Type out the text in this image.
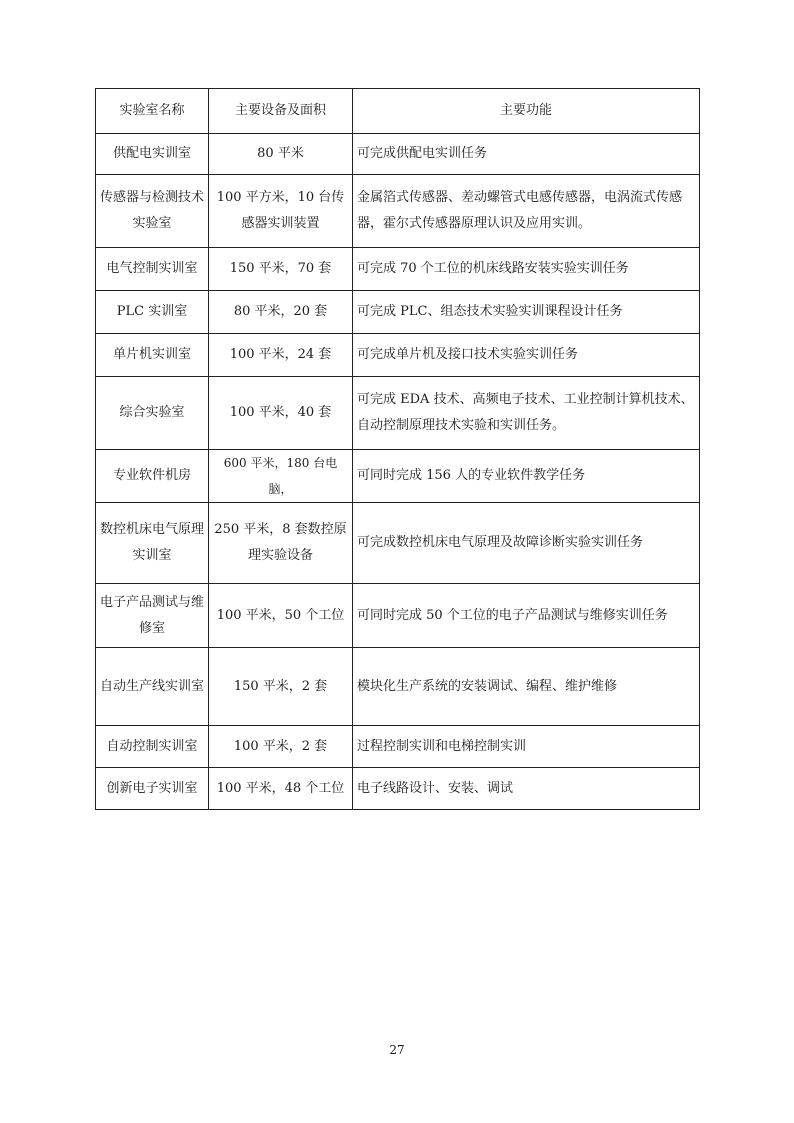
实验室名称	主要设备及面积	主要功能
供配电实训室	80 平米	可完成供配电实训任务
传感器与检测技术实验室	100 平方米，10 台传感器实训装置	金属箔式传感器、差动螺管式电感传感器，电涡流式传感器，霍尔式传感器原理认识及应用实训。
电气控制实训室	150 平米，70 套	可完成 70 个工位的机床线路安装实验实训任务
PLC 实训室	80 平米，20 套	可完成 PLC、组态技术实验实训课程设计任务
单片机实训室	100 平米，24 套	可完成单片机及接口技术实验实训任务
综合实验室	100 平米，40 套	可完成 EDA 技术、高频电子技术、工业控制计算机技术、自动控制原理技术实验和实训任务。
专业软件机房	600 平米，180 台电脑，	可同时完成 156 人的专业软件教学任务
数控机床电气原理实训室	250 平米，8 套数控原理实验设备	可完成数控机床电气原理及故障诊断实验实训任务
电子产品测试与维修室	100 平米，50 个工位	可同时完成 50 个工位的电子产品测试与维修实训任务
自动生产线实训室	150 平米，2 套	模块化生产系统的安装调试、编程、维护维修
自动控制实训室	100 平米，2 套	过程控制实训和电梯控制实训
创新电子实训室	100 平米，48 个工位	电子线路设计、安装、调试
27
